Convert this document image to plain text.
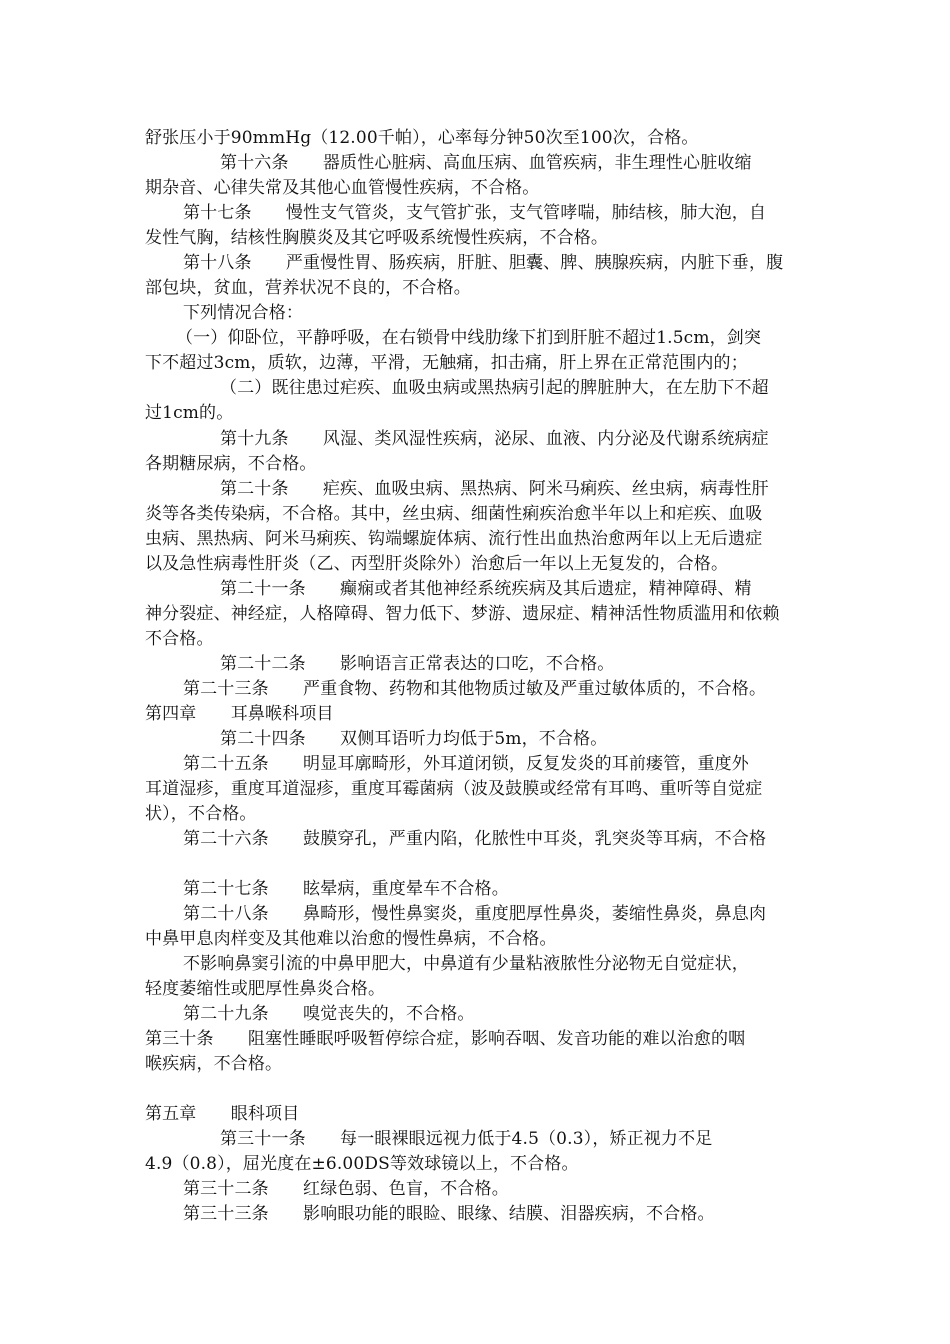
舒张压小于90mmHg（12.00千帕），心率每分钟50次至100次，合格。
第十六条　　器质性心脏病、高血压病、血管疾病，非生理性心脏收缩
期杂音、心律失常及其他心血管慢性疾病，不合格。
第十七条　　慢性支气管炎，支气管扩张，支气管哮喘，肺结核，肺大泡，自
发性气胸，结核性胸膜炎及其它呼吸系统慢性疾病，不合格。
第十八条　　严重慢性胃、肠疾病，肝脏、胆囊、脾、胰腺疾病，内脏下垂，腹
部包块，贫血，营养状况不良的，不合格。
下列情况合格：
（一）仰卧位，平静呼吸，在右锁骨中线肋缘下扪到肝脏不超过1.5cm，剑突
下不超过3cm，质软，边薄，平滑，无触痛，扣击痛，肝上界在正常范围内的；
（二）既往患过疟疾、血吸虫病或黑热病引起的脾脏肿大，在左肋下不超
过1cm的。
第十九条　　风湿、类风湿性疾病，泌尿、血液、内分泌及代谢系统病症
各期糖尿病，不合格。
第二十条　　疟疾、血吸虫病、黑热病、阿米马痢疾、丝虫病，病毒性肝
炎等各类传染病，不合格。其中，丝虫病、细菌性痢疾治愈半年以上和疟疾、血吸
虫病、黑热病、阿米马痢疾、钩端螺旋体病、流行性出血热治愈两年以上无后遗症
以及急性病毒性肝炎（乙、丙型肝炎除外）治愈后一年以上无复发的，合格。
第二十一条　　癫痫或者其他神经系统疾病及其后遗症，精神障碍、精
神分裂症、神经症，人格障碍、智力低下、梦游、遗尿症、精神活性物质滥用和依赖
不合格。
第二十二条　　影响语言正常表达的口吃，不合格。
第二十三条　　严重食物、药物和其他物质过敏及严重过敏体质的，不合格。
第四章　　耳鼻喉科项目
第二十四条　　双侧耳语听力均低于5m，不合格。
第二十五条　　明显耳廓畸形，外耳道闭锁，反复发炎的耳前瘘管，重度外
耳道湿疹，重度耳道湿疹，重度耳霉菌病（波及鼓膜或经常有耳鸣、重听等自觉症
状），不合格。
第二十六条　　鼓膜穿孔，严重内陷，化脓性中耳炎，乳突炎等耳病，不合格
第二十七条　　眩晕病，重度晕车不合格。
第二十八条　　鼻畸形，慢性鼻窦炎，重度肥厚性鼻炎，萎缩性鼻炎，鼻息肉
中鼻甲息肉样变及其他难以治愈的慢性鼻病，不合格。
不影响鼻窦引流的中鼻甲肥大，中鼻道有少量粘液脓性分泌物无自觉症状，
轻度萎缩性或肥厚性鼻炎合格。
第二十九条　　嗅觉丧失的，不合格。
第三十条　　阻塞性睡眠呼吸暂停综合症，影响吞咽、发音功能的难以治愈的咽
喉疾病，不合格。
第五章　　眼科项目
第三十一条　　每一眼裸眼远视力低于4.5（0.3），矫正视力不足
4.9（0.8），屈光度在±6.00DS等效球镜以上，不合格。
第三十二条　　红绿色弱、色盲，不合格。
第三十三条　　影响眼功能的眼睑、眼缘、结膜、泪器疾病，不合格。
